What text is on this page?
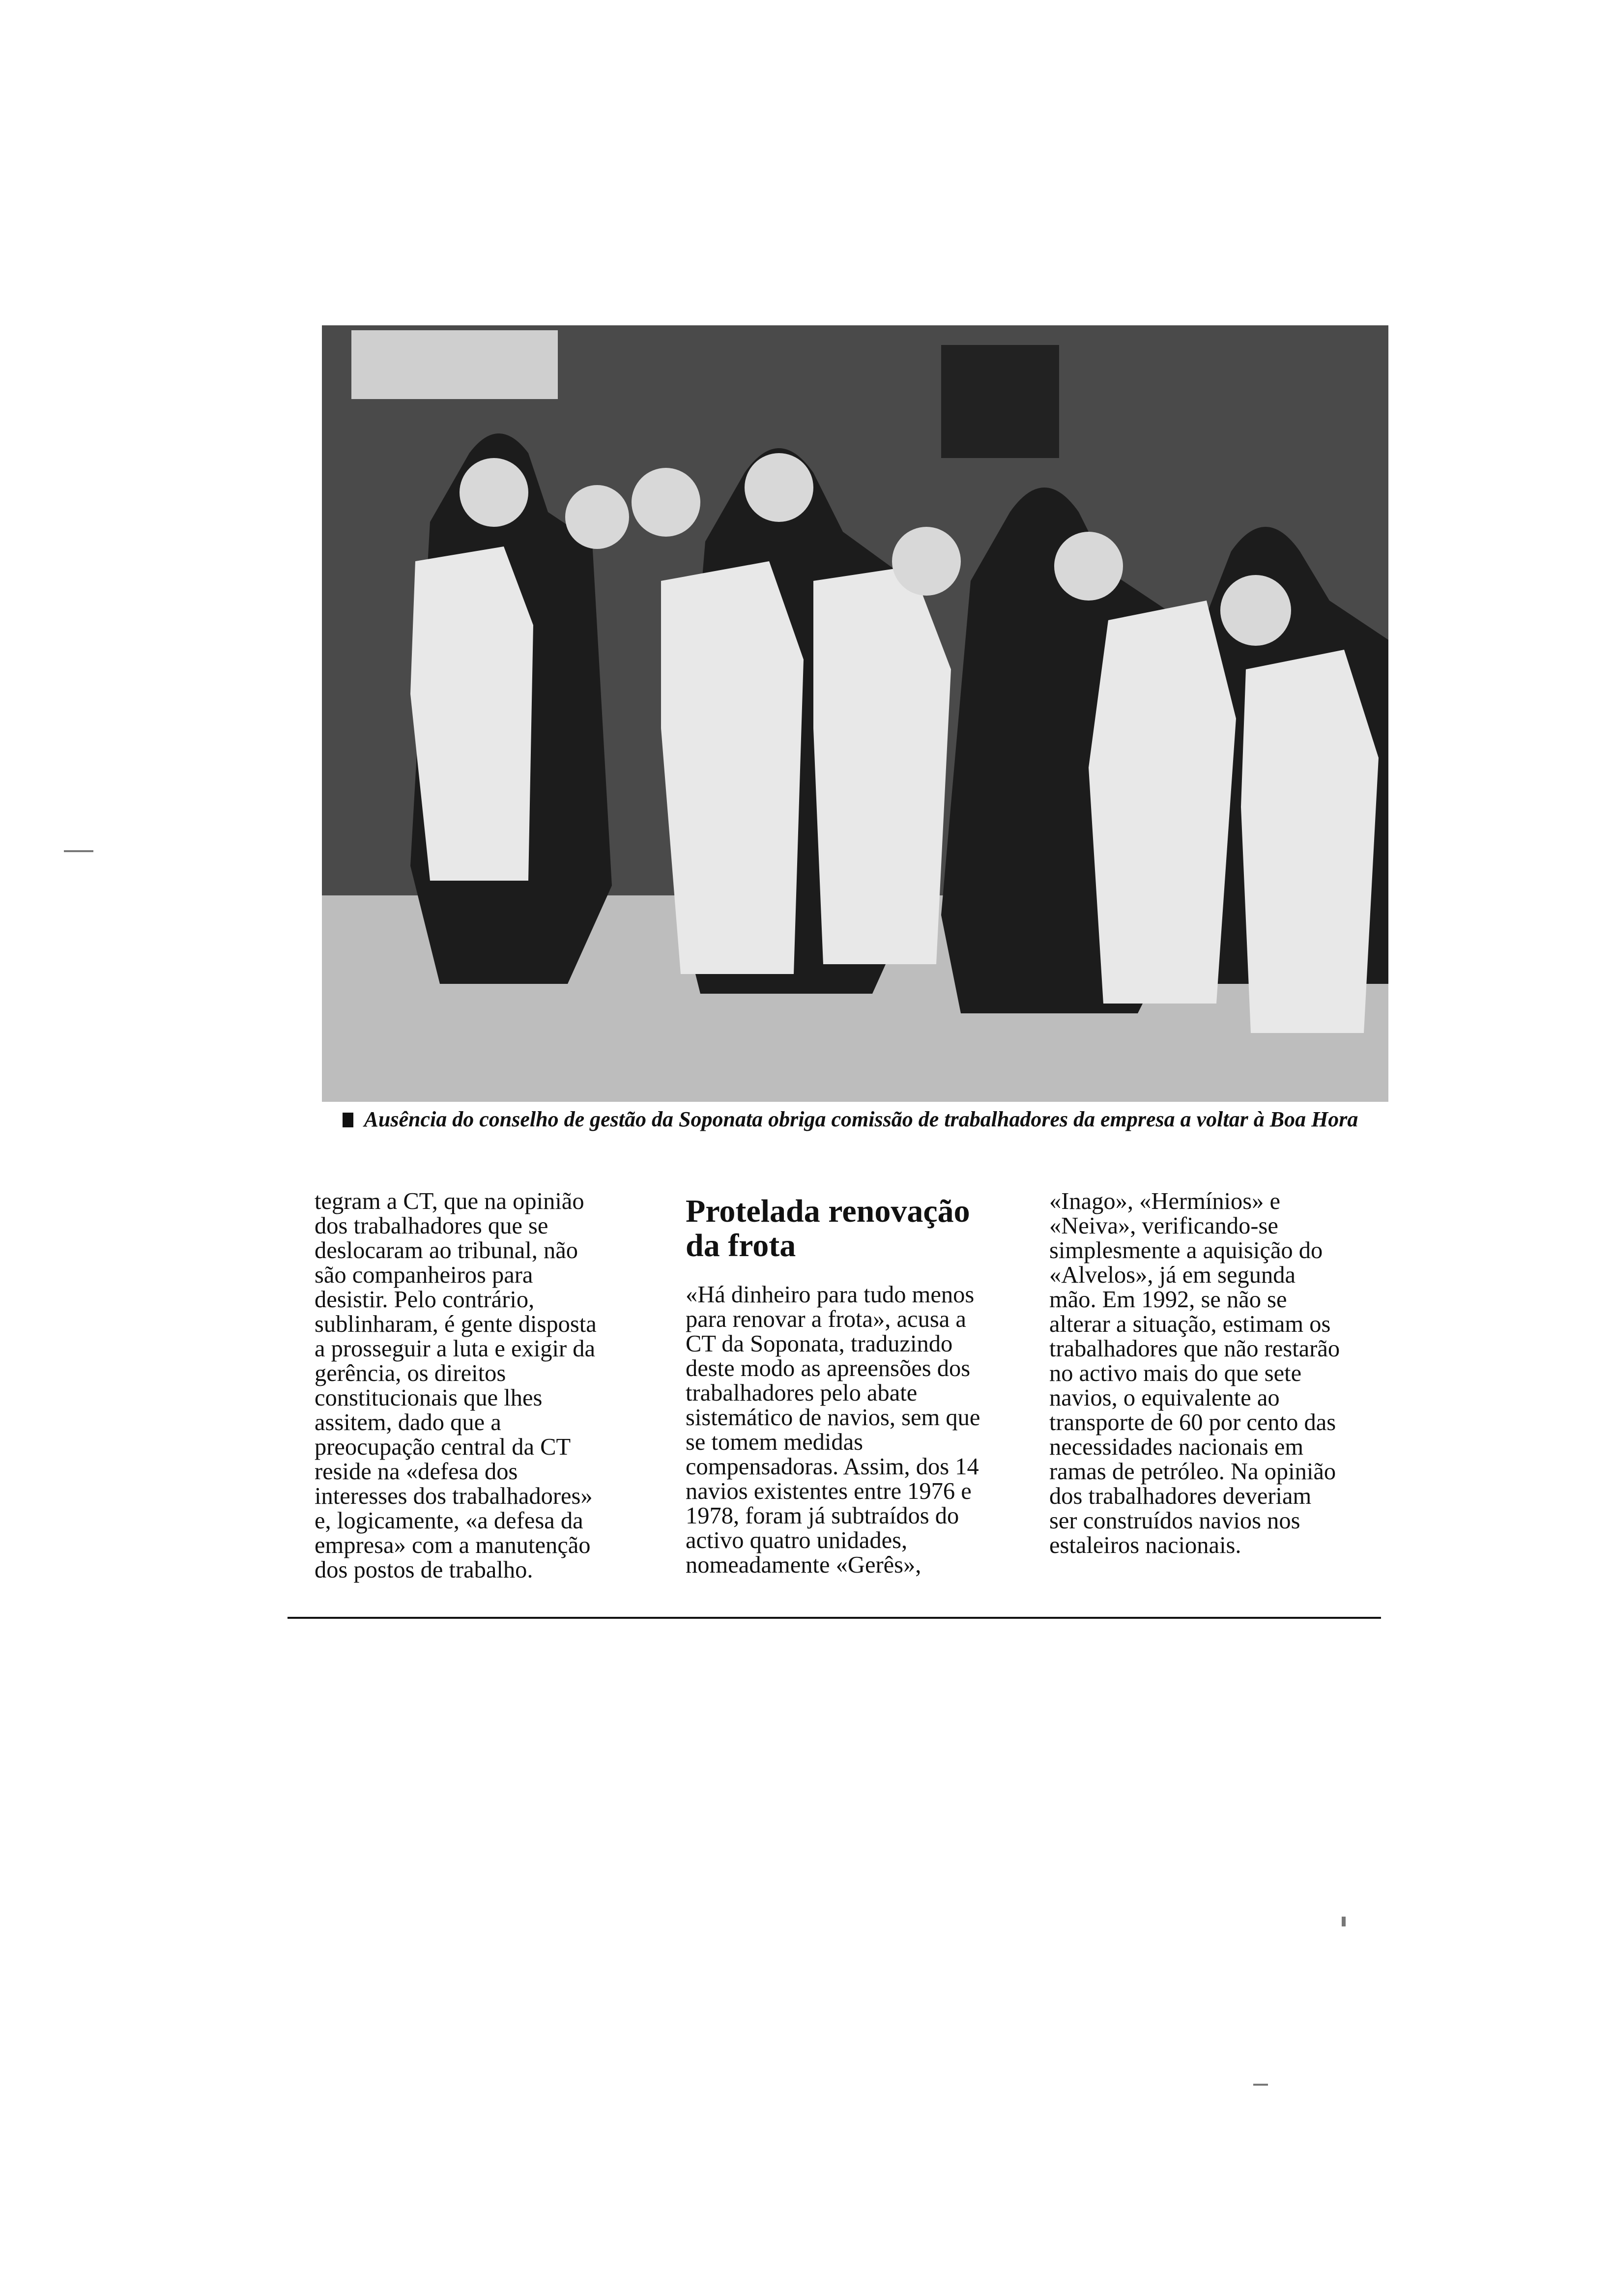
Ausência do conselho de gestão da Soponata obriga comissão de trabalhadores da empresa a voltar à Boa Hora

tegram a CT, que na opinião dos trabalhadores que se deslocaram ao tribunal, não são companheiros para desistir. Pelo contrário, sublinharam, é gente disposta a prosseguir a luta e exigir da gerência, os direitos constitucionais que lhes assitem, dado que a preocupação central da CT reside na «defesa dos interesses dos trabalhadores» e, logicamente, «a defesa da empresa» com a manutenção dos postos de trabalho.

Protelada renovação da frota

«Há dinheiro para tudo menos para renovar a frota», acusa a CT da Soponata, traduzindo deste modo as apreensões dos trabalhadores pelo abate sistemático de navios, sem que se tomem medidas compensadoras. Assim, dos 14 navios existentes entre 1976 e 1978, foram já subtraídos do activo quatro unidades, nomeadamente «Gerês»,

«Inago», «Hermínios» e «Neiva», verificando-se simplesmente a aquisição do «Alvelos», já em segunda mão. Em 1992, se não se alterar a situação, estimam os trabalhadores que não restarão no activo mais do que sete navios, o equivalente ao transporte de 60 por cento das necessidades nacionais em ramas de petróleo. Na opinião dos trabalhadores deveriam ser construídos navios nos estaleiros nacionais.
